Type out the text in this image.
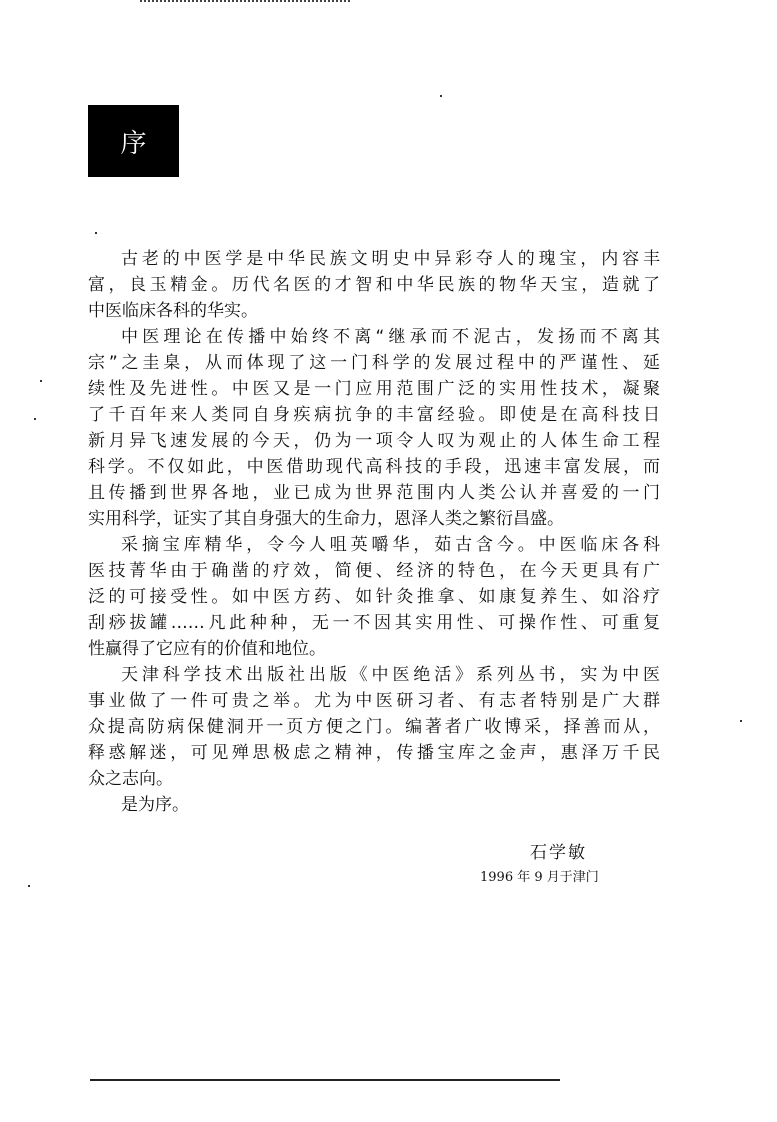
序
古老的中医学是中华民族文明史中异彩夺人的瑰宝，内容丰
富，良玉精金。历代名医的才智和中华民族的物华天宝，造就了
中医临床各科的华实。
中医理论在传播中始终不离“继承而不泥古，发扬而不离其
宗”之圭臬，从而体现了这一门科学的发展过程中的严谨性、延
续性及先进性。中医又是一门应用范围广泛的实用性技术，凝聚
了千百年来人类同自身疾病抗争的丰富经验。即使是在高科技日
新月异飞速发展的今天，仍为一项令人叹为观止的人体生命工程
科学。不仅如此，中医借助现代高科技的手段，迅速丰富发展，而
且传播到世界各地，业已成为世界范围内人类公认并喜爱的一门
实用科学，证实了其自身强大的生命力，恩泽人类之繁衍昌盛。
采摘宝库精华，令今人咀英嚼华，茹古含今。中医临床各科
医技菁华由于确凿的疗效，简便、经济的特色，在今天更具有广
泛的可接受性。如中医方药、如针灸推拿、如康复养生、如浴疗
刮痧拔罐……凡此种种，无一不因其实用性、可操作性、可重复
性赢得了它应有的价值和地位。
天津科学技术出版社出版《中医绝活》系列丛书，实为中医
事业做了一件可贵之举。尤为中医研习者、有志者特别是广大群
众提高防病保健洞开一页方便之门。编著者广收博采，择善而从，
释惑解迷，可见殚思极虑之精神，传播宝库之金声，惠泽万千民
众之志向。
是为序。
石学敏
1996 年 9 月于津门
